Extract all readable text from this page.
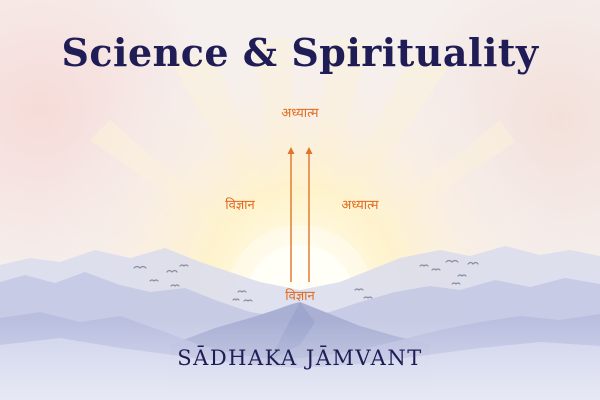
Science & Spirituality
अध्यात्म
विज्ञान	अध्यात्म
विज्ञान
SĀDHAKA JĀMVANT
